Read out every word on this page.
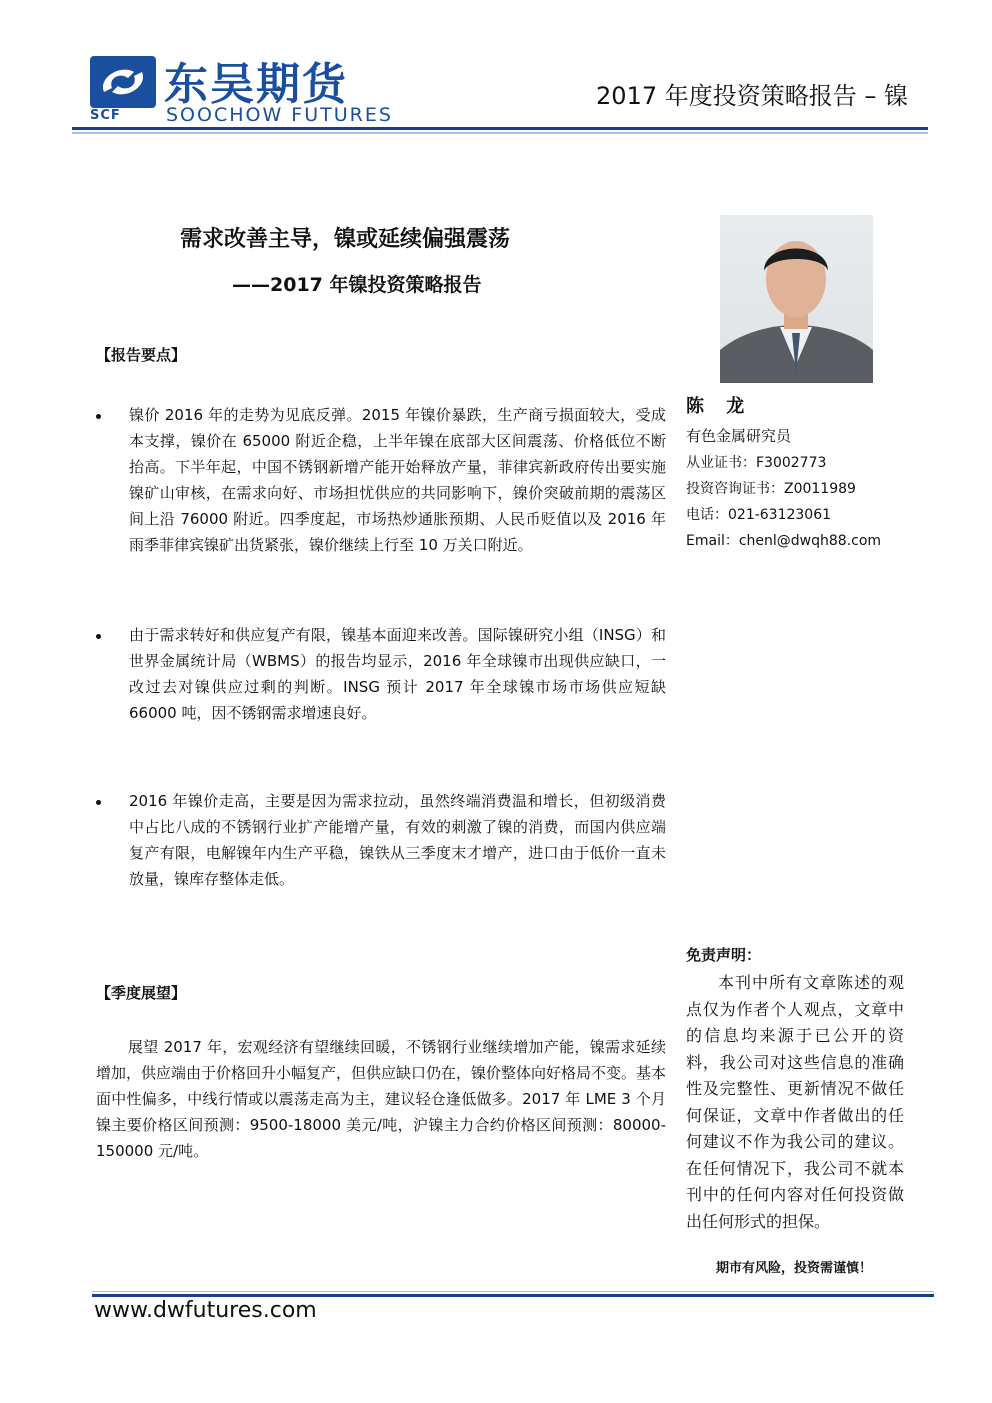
东吴期货
SCF SOOCHOW FUTURES
2017 年度投资策略报告 – 镍
需求改善主导，镍或延续偏强震荡
——2017 年镍投资策略报告
【报告要点】
镍价 2016 年的走势为见底反弹。2015 年镍价暴跌，生产商亏损面较大，受成本支撑，镍价在 65000 附近企稳，上半年镍在底部大区间震荡、价格低位不断抬高。下半年起，中国不锈钢新增产能开始释放产量，菲律宾新政府传出要实施镍矿山审核，在需求向好、市场担忧供应的共同影响下，镍价突破前期的震荡区间上沿 76000 附近。四季度起，市场热炒通胀预期、人民币贬值以及 2016 年雨季菲律宾镍矿出货紧张，镍价继续上行至 10 万关口附近。
由于需求转好和供应复产有限，镍基本面迎来改善。国际镍研究小组（INSG）和世界金属统计局（WBMS）的报告均显示，2016 年全球镍市出现供应缺口，一改过去对镍供应过剩的判断。INSG 预计 2017 年全球镍市场市场供应短缺 66000 吨，因不锈钢需求增速良好。
2016 年镍价走高，主要是因为需求拉动，虽然终端消费温和增长，但初级消费中占比八成的不锈钢行业扩产能增产量，有效的刺激了镍的消费，而国内供应端复产有限，电解镍年内生产平稳，镍铁从三季度末才增产，进口由于低价一直未放量，镍库存整体走低。
【季度展望】
展望 2017 年，宏观经济有望继续回暖，不锈钢行业继续增加产能，镍需求延续增加，供应端由于价格回升小幅复产，但供应缺口仍在，镍价整体向好格局不变。基本面中性偏多，中线行情或以震荡走高为主，建议轻仓逢低做多。2017 年 LME 3 个月镍主要价格区间预测：9500-18000 美元/吨，沪镍主力合约价格区间预测：80000-150000 元/吨。
陈 龙
有色金属研究员
从业证书：F3002773
投资咨询证书：Z0011989
电话：021-63123061
Email：chenl@dwqh88.com
免责声明：
本刊中所有文章陈述的观点仅为作者个人观点，文章中的信息均来源于已公开的资料，我公司对这些信息的准确性及完整性、更新情况不做任何保证，文章中作者做出的任何建议不作为我公司的建议。在任何情况下，我公司不就本刊中的任何内容对任何投资做出任何形式的担保。
期市有风险，投资需谨慎！
www.dwfutures.com
